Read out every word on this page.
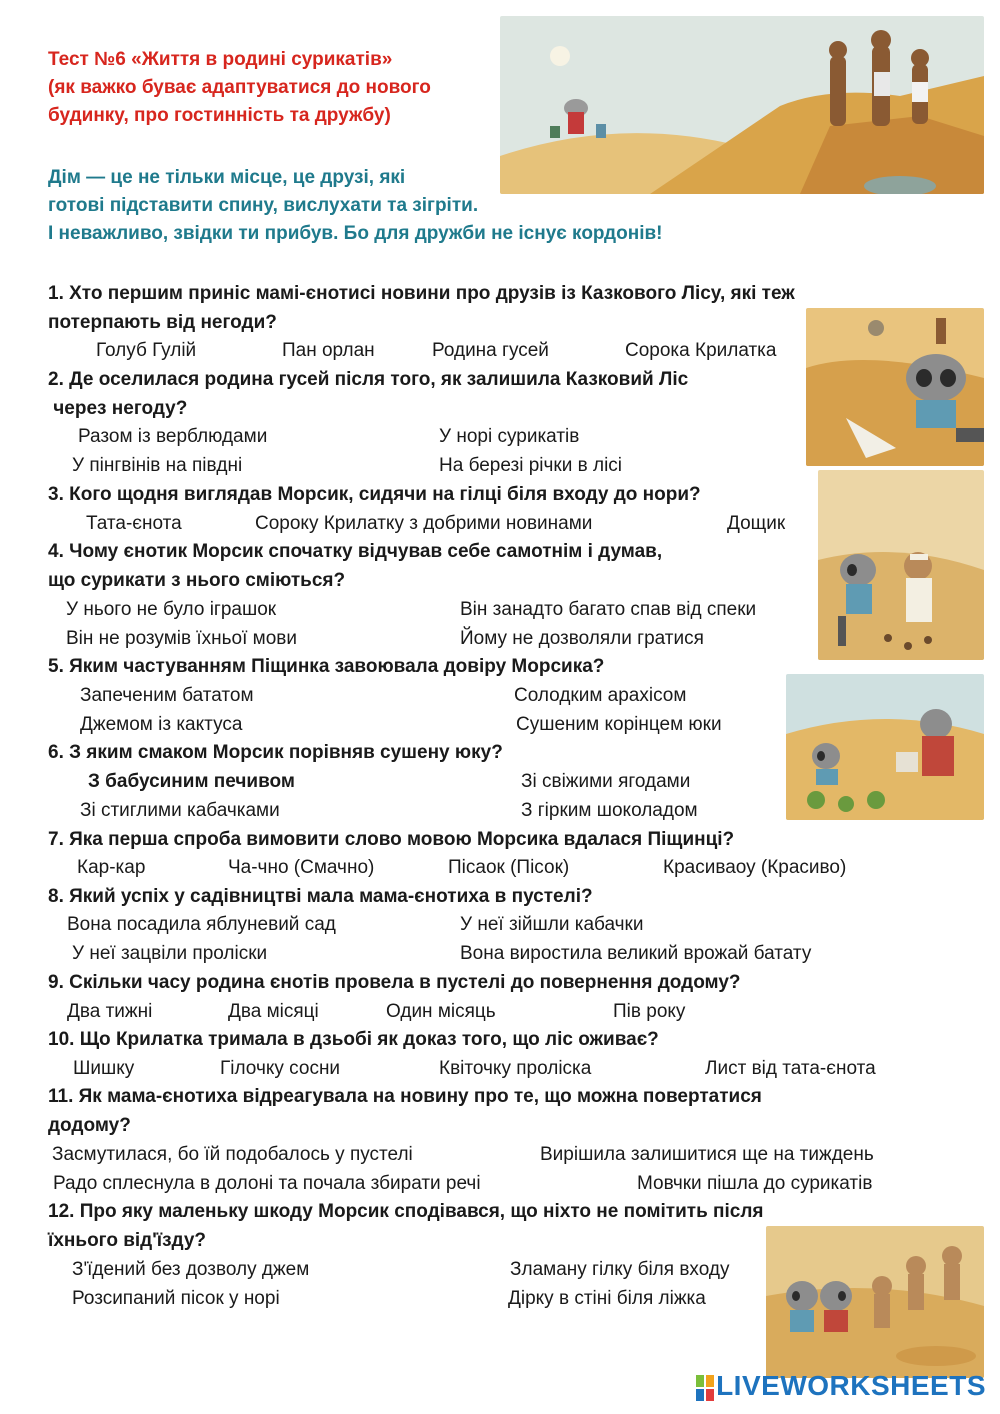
Тест №6 «Життя в родині сурикатів»
(як важко буває адаптуватися до нового
будинку, про гостинність та дружбу)
Дім — це не тільки місце, це друзі, які
готові підставити спину, вислухати та зігріти.
І неважливо, звідки ти прибув. Бо для дружби не існує кордонів!
1. Хто першим приніс мамі-єнотисі новини про друзів із Казкового Лісу, які теж
потерпають від негоди?
Голуб Гулій	Пан орлан	Родина гусей	Сорока Крилатка
2. Де оселилася родина гусей після того, як залишила Казковий Ліс
через негоду?
Разом із верблюдами	У норі сурикатів
У пінгвінів на півдні	На березі річки в лісі
3. Кого щодня виглядав Морсик, сидячи на гілці біля входу до нори?
Тата-єнота	Сороку Крилатку з добрими новинами	Дощик
4. Чому єнотик Морсик спочатку відчував себе самотнім і думав,
що сурикати з нього сміються?
У нього не було іграшок	Він занадто багато спав від спеки
Він не розумів їхньої мови	Йому не дозволяли гратися
5. Яким частуванням Піщинка завоювала довіру Морсика?
Запеченим бататом	Солодким арахісом
Джемом із кактуса	Сушеним корінцем юки
6. З яким смаком Морсик порівняв сушену юку?
З бабусиним печивом	Зі свіжими ягодами
Зі стиглими кабачками	З гірким шоколадом
7. Яка перша спроба вимовити слово мовою Морсика вдалася Піщинці?
Кар-кар	Ча-чно (Смачно)	Пісаок (Пісок)	Красиваоу (Красиво)
8. Який успіх у садівництві мала мама-єнотиха в пустелі?
Вона посадила яблуневий сад	У неї зійшли кабачки
У неї зацвіли проліски	Вона виростила великий врожай батату
9. Скільки часу родина єнотів провела в пустелі до повернення додому?
Два тижні	Два місяці	Один місяць	Пів року
10. Що Крилатка тримала в дзьобі як доказ того, що ліс оживає?
Шишку	Гілочку сосни	Квіточку проліска	Лист від тата-єнота
11. Як мама-єнотиха відреагувала на новину про те, що можна повертатися
додому?
Засмутилася, бо їй подобалось у пустелі	Вирішила залишитися ще на тиждень
Радо сплеснула в долоні та почала збирати речі	Мовчки пішла до сурикатів
12. Про яку маленьку шкоду Морсик сподівався, що ніхто не помітить після
їхнього від'їзду?
З'їдений без дозволу джем	Зламану гілку біля входу
Розсипаний пісок у норі	Дірку в стіні біля ліжка
LIVEWORKSHEETS
